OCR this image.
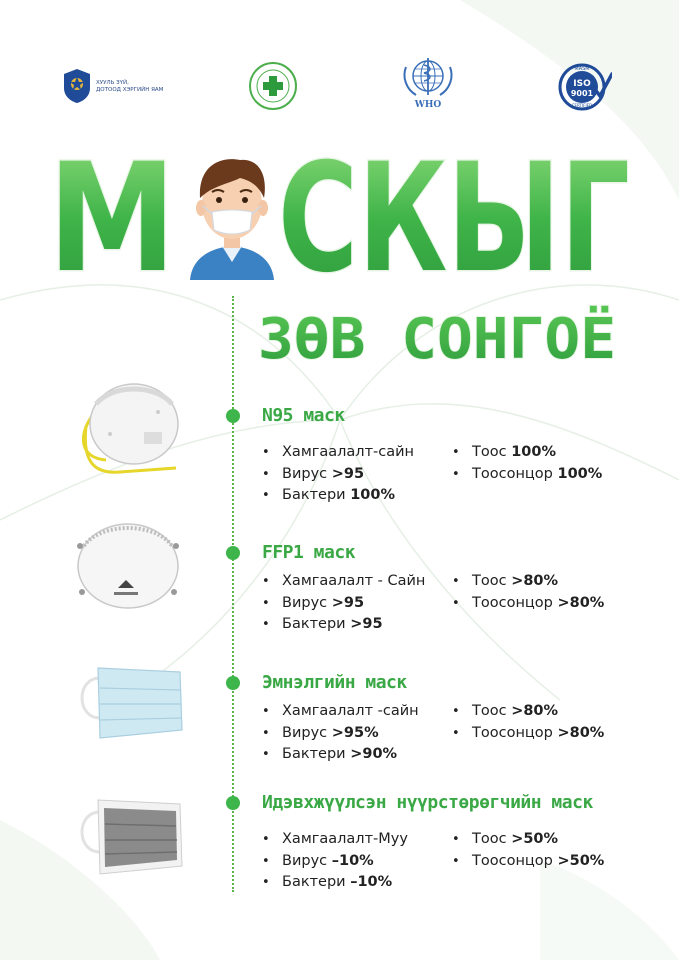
ХУУЛЬ ЗҮЙ,
ДОТООД ХЭРГИЙН ЯАМ
WHO
MASM
ISO
9001
CERTIFIED
М СКЫГ
ЗӨВ СОНГОЁ
N95 маск
• Хамгаалалт-сайн
• Вирус >95
• Бактери 100%
• Тоос 100%
• Тоосонцор 100%
FFP1 маск
• Хамгаалалт - Сайн
• Вирус >95
• Бактери >95
• Тоос >80%
• Тоосонцор >80%
Эмнэлгийн маск
• Хамгаалалт -сайн
• Вирус >95%
• Бактери >90%
• Тоос >80%
• Тоосонцор >80%
Идэвхжүүлсэн нүүрстөрөгчийн маск
• Хамгаалалт-Муу
• Вирус –10%
• Бактери –10%
• Тоос >50%
• Тоосонцор >50%
